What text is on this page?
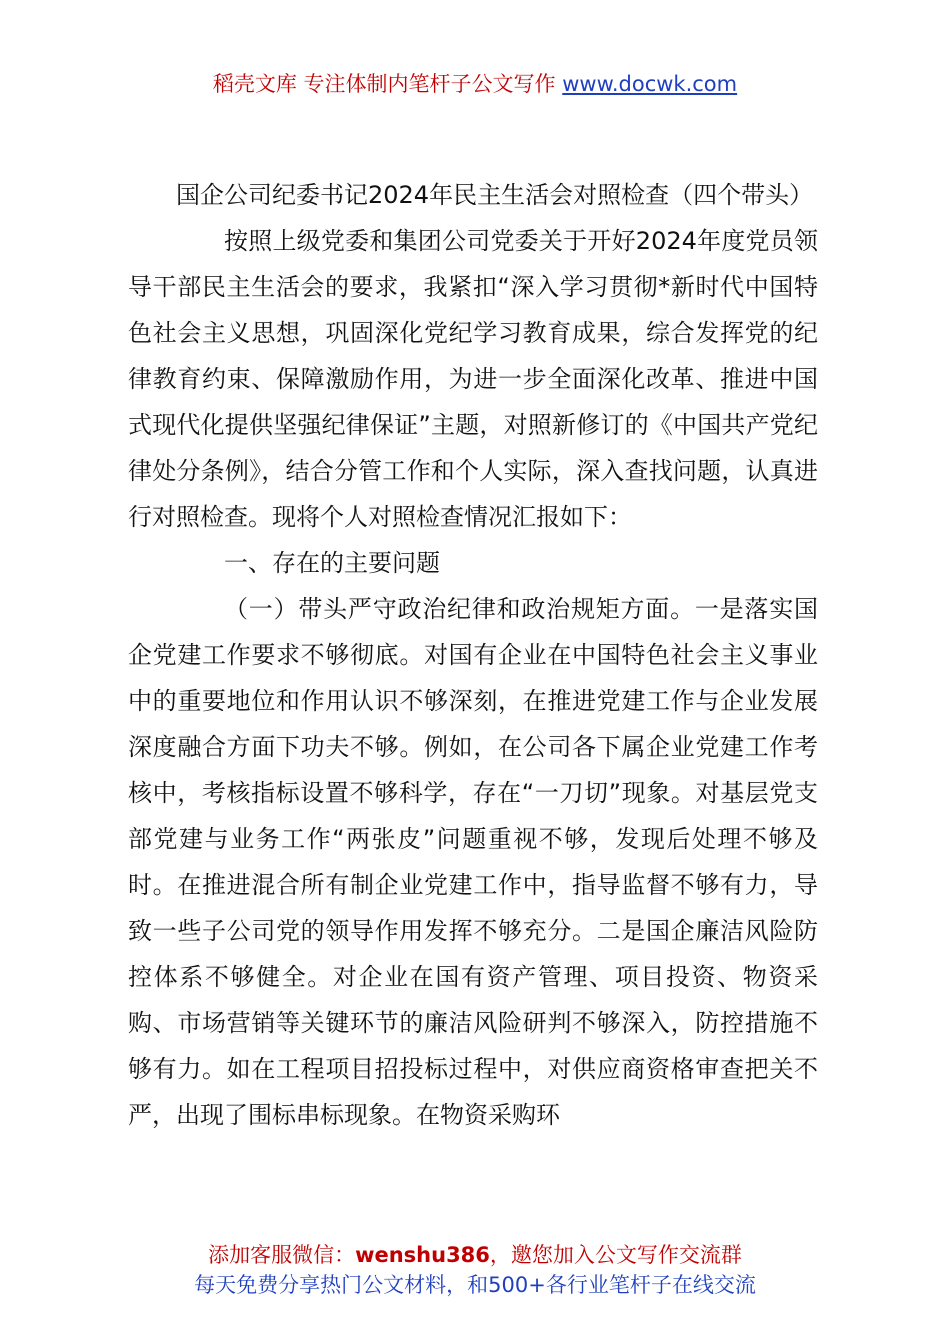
稻壳文库 专注体制内笔杆子公文写作 www.docwk.com

国企公司纪委书记2024年民主生活会对照检查（四个带头）

按照上级党委和集团公司党委关于开好2024年度党员领导干部民主生活会的要求，我紧扣“深入学习贯彻*新时代中国特色社会主义思想，巩固深化党纪学习教育成果，综合发挥党的纪律教育约束、保障激励作用，为进一步全面深化改革、推进中国式现代化提供坚强纪律保证”主题，对照新修订的《中国共产党纪律处分条例》，结合分管工作和个人实际，深入查找问题，认真进行对照检查。现将个人对照检查情况汇报如下：

一、存在的主要问题

（一）带头严守政治纪律和政治规矩方面。一是落实国企党建工作要求不够彻底。对国有企业在中国特色社会主义事业中的重要地位和作用认识不够深刻，在推进党建工作与企业发展深度融合方面下功夫不够。例如，在公司各下属企业党建工作考核中，考核指标设置不够科学，存在“一刀切”现象。对基层党支部党建与业务工作“两张皮”问题重视不够，发现后处理不够及时。在推进混合所有制企业党建工作中，指导监督不够有力，导致一些子公司党的领导作用发挥不够充分。二是国企廉洁风险防控体系不够健全。对企业在国有资产管理、项目投资、物资采购、市场营销等关键环节的廉洁风险研判不够深入，防控措施不够有力。如在工程项目招投标过程中，对供应商资格审查把关不严，出现了围标串标现象。在物资采购环

添加客服微信：wenshu386，邀您加入公文写作交流群
每天免费分享热门公文材料，和500+各行业笔杆子在线交流
